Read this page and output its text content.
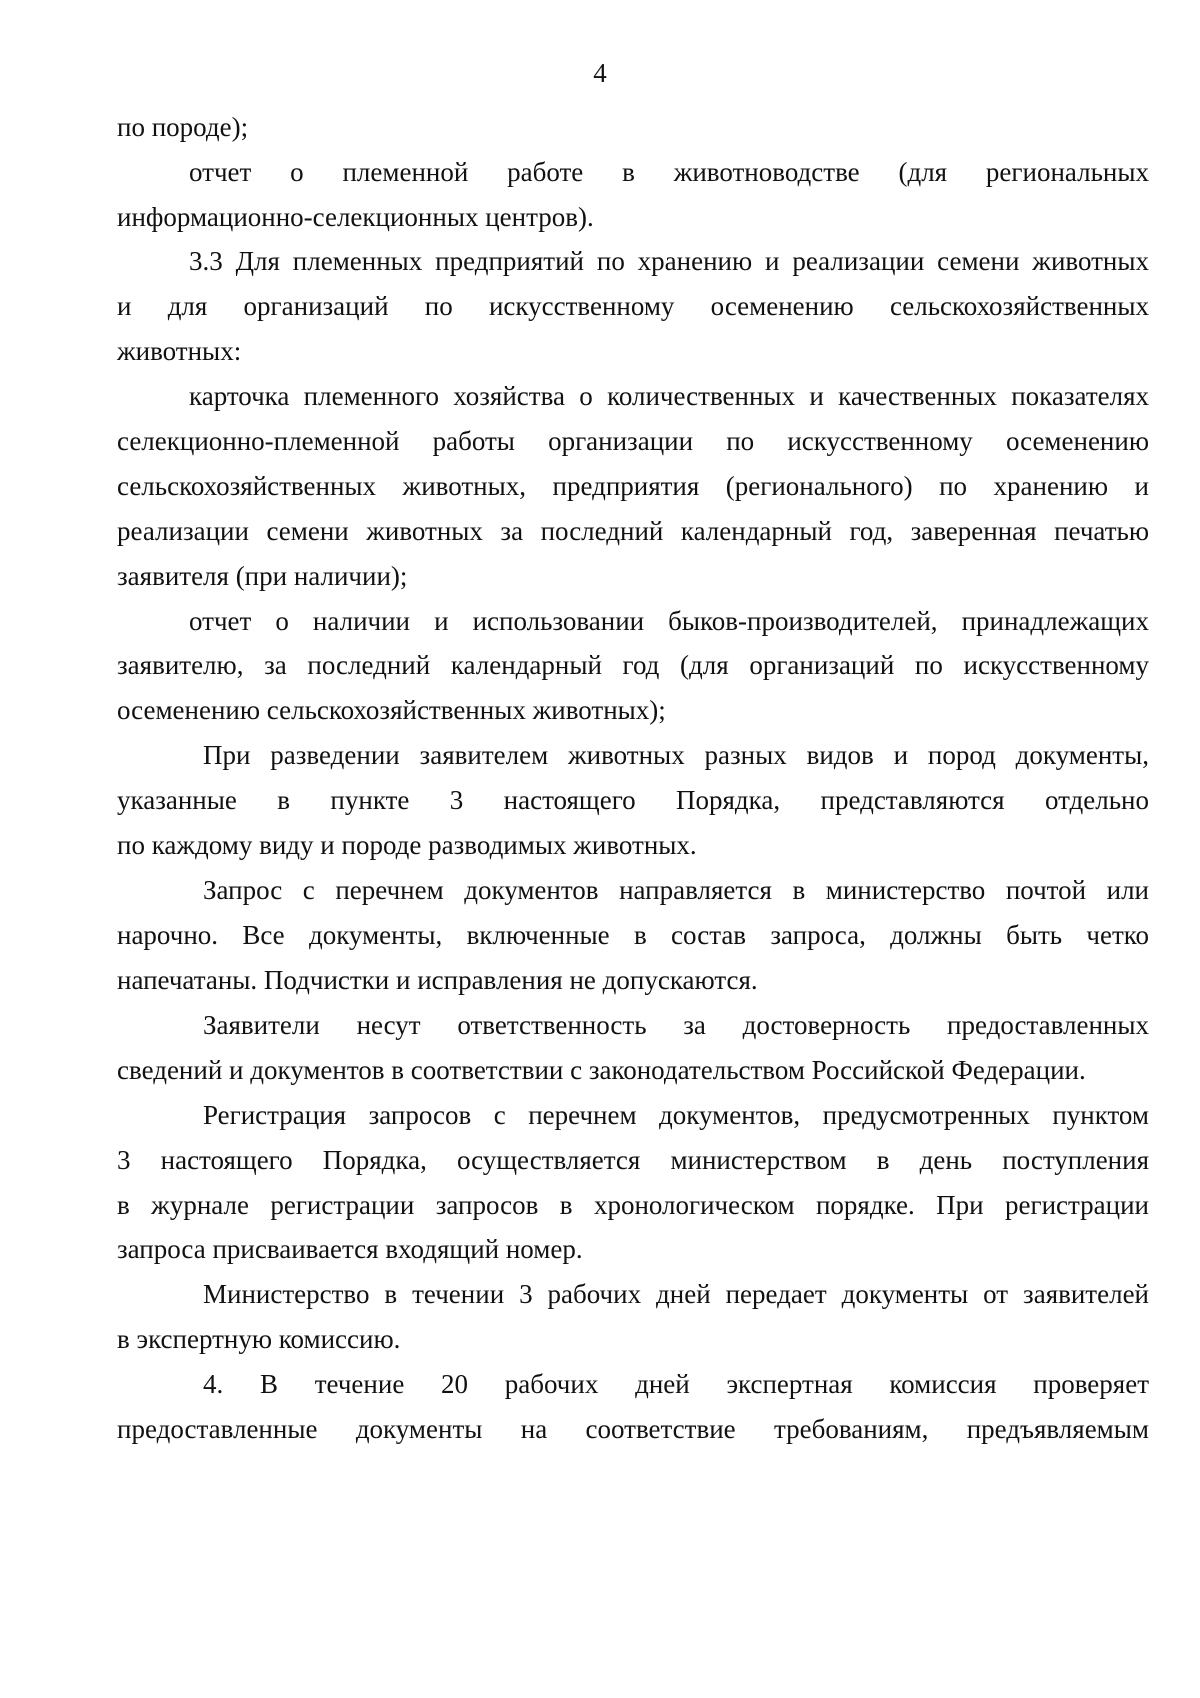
4
по породе);
отчет о племенной работе в животноводстве (для региональных
информационно-селекционных центров).
3.3 Для племенных предприятий по хранению и реализации семени животных
и для организаций по искусственному осеменению сельскохозяйственных
животных:
карточка племенного хозяйства о количественных и качественных показателях
селекционно-племенной работы организации по искусственному осеменению
сельскохозяйственных животных, предприятия (регионального) по хранению и
реализации семени животных за последний календарный год, заверенная печатью
заявителя (при наличии);
отчет о наличии и использовании быков-производителей, принадлежащих
заявителю, за последний календарный год (для организаций по искусственному
осеменению сельскохозяйственных животных);
При разведении заявителем животных разных видов и пород документы,
указанные в пункте 3 настоящего Порядка, представляются отдельно
по каждому виду и породе разводимых животных.
Запрос с перечнем документов направляется в министерство почтой или
нарочно. Все документы, включенные в состав запроса, должны быть четко
напечатаны. Подчистки и исправления не допускаются.
Заявители несут ответственность за достоверность предоставленных
сведений и документов в соответствии с законодательством Российской Федерации.
Регистрация запросов с перечнем документов, предусмотренных пунктом
3 настоящего Порядка, осуществляется министерством в день поступления
в журнале регистрации запросов в хронологическом порядке. При регистрации
запроса присваивается входящий номер.
Министерство в течении 3 рабочих дней передает документы от заявителей
в экспертную комиссию.
4. В течение 20 рабочих дней экспертная комиссия проверяет
предоставленные документы на соответствие требованиям, предъявляемым
